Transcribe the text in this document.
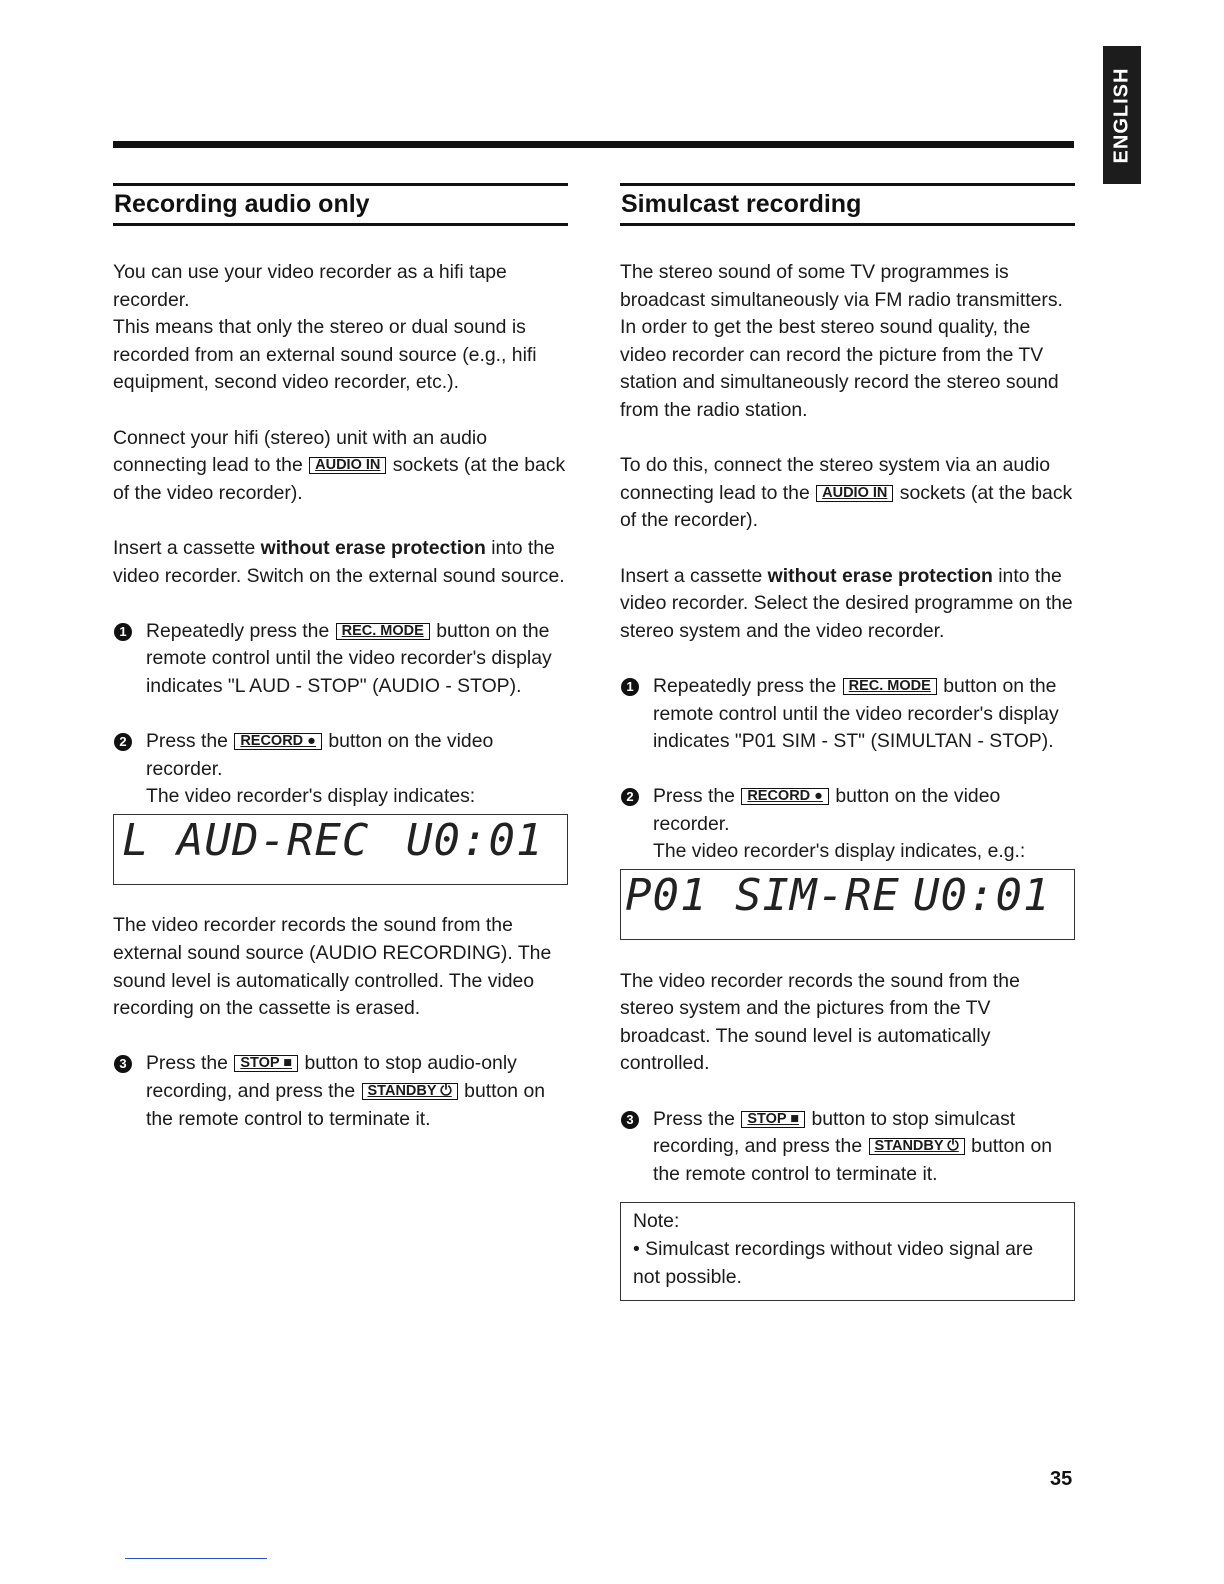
ENGLISH
Recording audio only

You can use your video recorder as a hifi tape recorder.

This means that only the stereo or dual sound is recorded from an external sound source (e.g., hifi equipment, second video recorder, etc.).

Connect your hifi (stereo) unit with an audio connecting lead to the AUDIO IN sockets (at the back of the video recorder).

Insert a cassette without erase protection into the video recorder. Switch on the external sound source.

1 Repeatedly press the REC. MODE button on the remote control until the video recorder's display indicates "L AUD - STOP" (AUDIO - STOP).
2 Press the RECORD ● button on the video recorder.
The video recorder's display indicates:

L AUD-REC

U0:01

The video recorder records the sound from the external sound source (AUDIO RECORDING). The sound level is automatically controlled. The video recording on the cassette is erased.

3 Press the STOP ■ button to stop audio-only recording, and press the STANDBY ⏻ button on the remote control to terminate it.
Simulcast recording

The stereo sound of some TV programmes is broadcast simultaneously via FM radio transmitters.

In order to get the best stereo sound quality, the video recorder can record the picture from the TV station and simultaneously record the stereo sound from the radio station.

To do this, connect the stereo system via an audio connecting lead to the AUDIO IN sockets (at the back of the recorder).

Insert a cassette without erase protection into the video recorder. Select the desired programme on the stereo system and the video recorder.

1 Repeatedly press the REC. MODE button on the remote control until the video recorder's display indicates "P01 SIM - ST" (SIMULTAN - STOP).
2 Press the RECORD ● button on the video recorder.
The video recorder's display indicates, e.g.:

P01 SIM-RE

U0:01

The video recorder records the sound from the stereo system and the pictures from the TV broadcast. The sound level is automatically controlled.

3 Press the STOP ■ button to stop simulcast recording, and press the STANDBY ⏻ button on the remote control to terminate it.
Note:
• Simulcast recordings without video signal are not possible.
35
